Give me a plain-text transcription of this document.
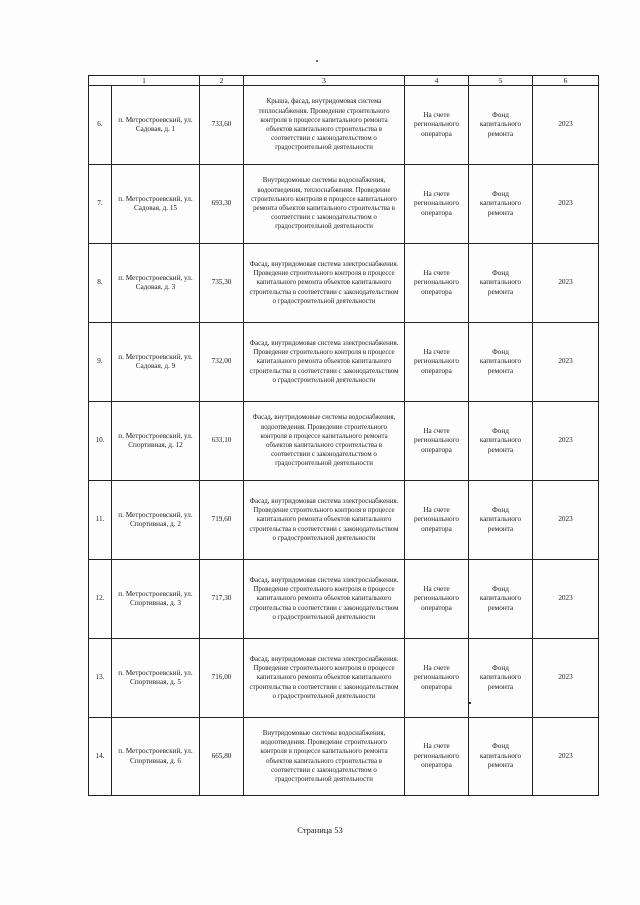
1		2	3	4	5	6
6.	п. Метростроевский, ул. Садовая, д. 1	733,60	Крыша, фасад, внутридомовая система теплоснабжения. Проведение строительного контроля в процессе капитального ремонта объектов капитального строительства в соответствии с законодательством о градостроительной деятельности	На счете регионального оператора	Фонд капитального ремонта	2023
7.	п. Метростроевский, ул. Садовая, д. 15	693,30	Внутридомовые системы водоснабжения, водоотведения, теплоснабжения. Проведение строительного контроля в процессе капитального ремонта объектов капитального строительства в соответствии с законодательством о градостроительной деятельности	На счете регионального оператора	Фонд капитального ремонта	2023
8.	п. Метростроевский, ул. Садовая, д. 3	735,30	Фасад, внутридомовая система электроснабжения. Проведение строительного контроля в процессе капитального ремонта объектов капитального строительства в соответствии с законодательством о градостроительной деятельности	На счете регионального оператора	Фонд капитального ремонта	2023
9.	п. Метростроевский, ул. Садовая, д. 9	732,00	Фасад, внутридомовая система электроснабжения. Проведение строительного контроля в процессе капитального ремонта объектов капитального строительства в соответствии с законодательством о градостроительной деятельности	На счете регионального оператора	Фонд капитального ремонта	2023
10.	п. Метростроевский, ул. Спортивная, д. 12	633,10	Фасад, внутридомовые системы водоснабжения, водоотведения. Проведение строительного контроля в процессе капитального ремонта объектов капитального строительства в соответствии с законодательством о градостроительной деятельности	На счете регионального оператора	Фонд капитального ремонта	2023
11.	п. Метростроевский, ул. Спортивная, д. 2	719,60	Фасад, внутридомовая система электроснабжения. Проведение строительного контроля в процессе капитального ремонта объектов капитального строительства в соответствии с законодательством о градостроительной деятельности	На счете регионального оператора	Фонд капитального ремонта	2023
12.	п. Метростроевский, ул. Спортивная, д. 3	717,30	Фасад, внутридомовая система электроснабжения. Проведение строительного контроля в процессе капитального ремонта объектов капитального строительства в соответствии с законодательством о градостроительной деятельности	На счете регионального оператора	Фонд капитального ремонта	2023
13.	п. Метростроевский, ул. Спортивная, д. 5	716,00	Фасад, внутридомовая система электроснабжения. Проведение строительного контроля в процессе капитального ремонта объектов капитального строительства в соответствии с законодательством о градостроительной деятельности	На счете регионального оператора	Фонд капитального ремонта	2023
14.	п. Метростроевский, ул. Спортивная, д. 6	665,80	Внутридомовые системы водоснабжения, водоотведения. Проведение строительного контроля в процессе капитального ремонта объектов капитального строительства в соответствии с законодательством о градостроительной деятельности	На счете регионального оператора	Фонд капитального ремонта	2023
Страница 53
